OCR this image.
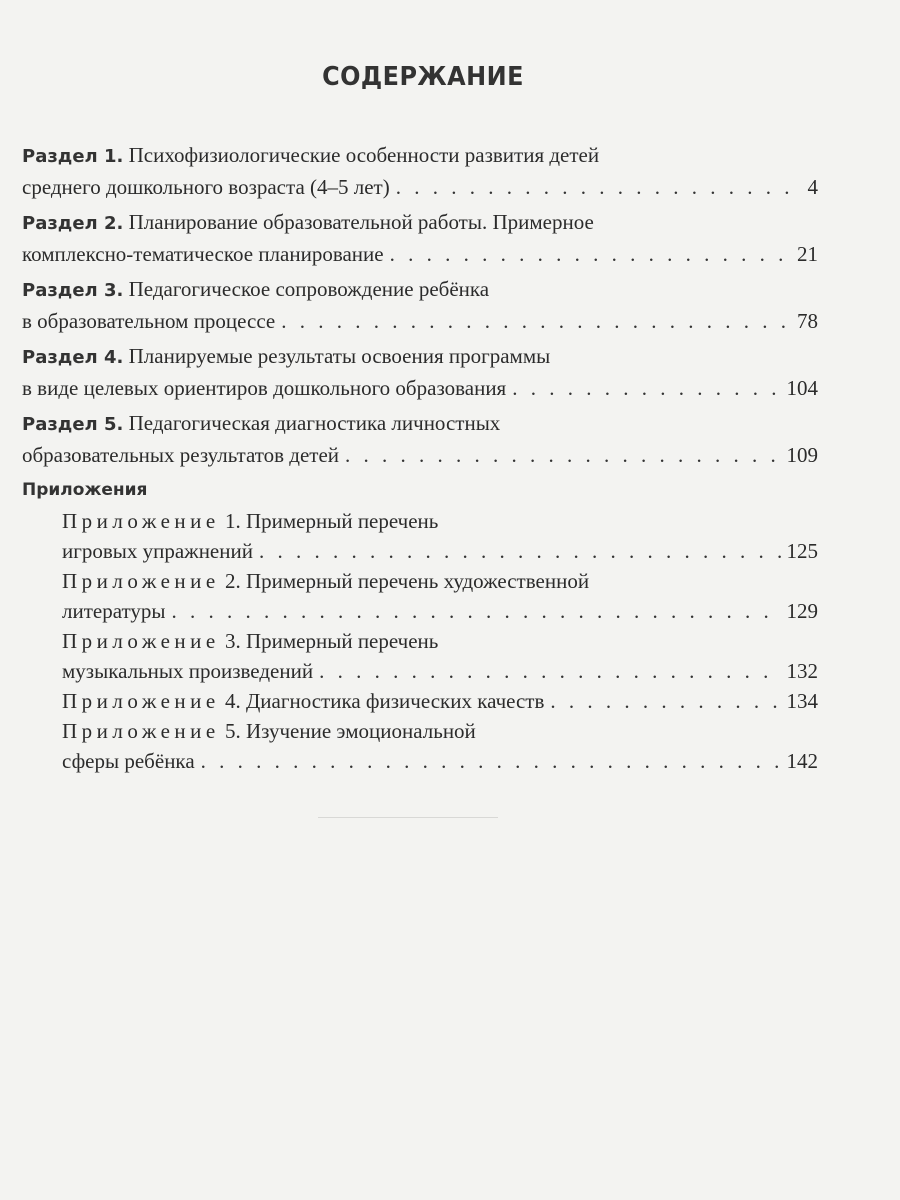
СОДЕРЖАНИЕ
Раздел 1. Психофизиологические особенности развития детей
среднего дошкольного возраста (4–5 лет) . . .	4
Раздел 2. Планирование образовательной работы. Примерное
комплексно-тематическое планирование . . .	21
Раздел 3. Педагогическое сопровождение ребёнка
в образовательном процессе . . .	78
Раздел 4. Планируемые результаты освоения программы
в виде целевых ориентиров дошкольного образования . . .	104
Раздел 5. Педагогическая диагностика личностных
образовательных результатов детей . . .	109
Приложения
Приложение 1. Примерный перечень
игровых упражнений . . .	125
Приложение 2. Примерный перечень художественной
литературы . . .	129
Приложение 3. Примерный перечень
музыкальных произведений . . .	132
Приложение 4. Диагностика физических качеств . . .	134
Приложение 5. Изучение эмоциональной
сферы ребёнка . . .	142
